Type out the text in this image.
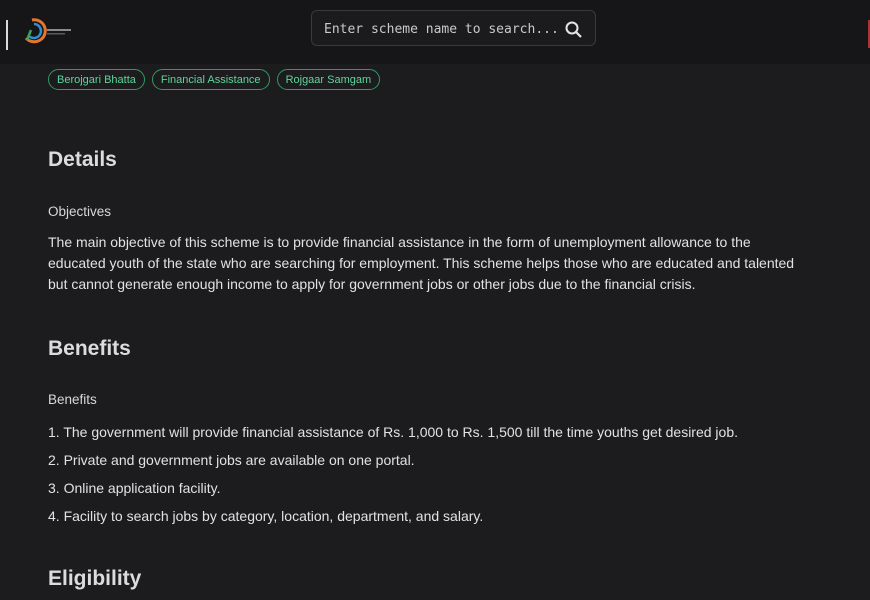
Enter scheme name to search...
Berojgari Bhatta	Financial Assistance	Rojgaar Samgam
Details
Objectives

The main objective of this scheme is to provide financial assistance in the form of unemployment allowance to the educated youth of the state who are searching for employment. This scheme helps those who are educated and talented but cannot generate enough income to apply for government jobs or other jobs due to the financial crisis.

Benefits
Benefits
1. The government will provide financial assistance of Rs. 1,000 to Rs. 1,500 till the time youths get desired job.
2. Private and government jobs are available on one portal.
3. Online application facility.
4. Facility to search jobs by category, location, department, and salary.
Eligibility
